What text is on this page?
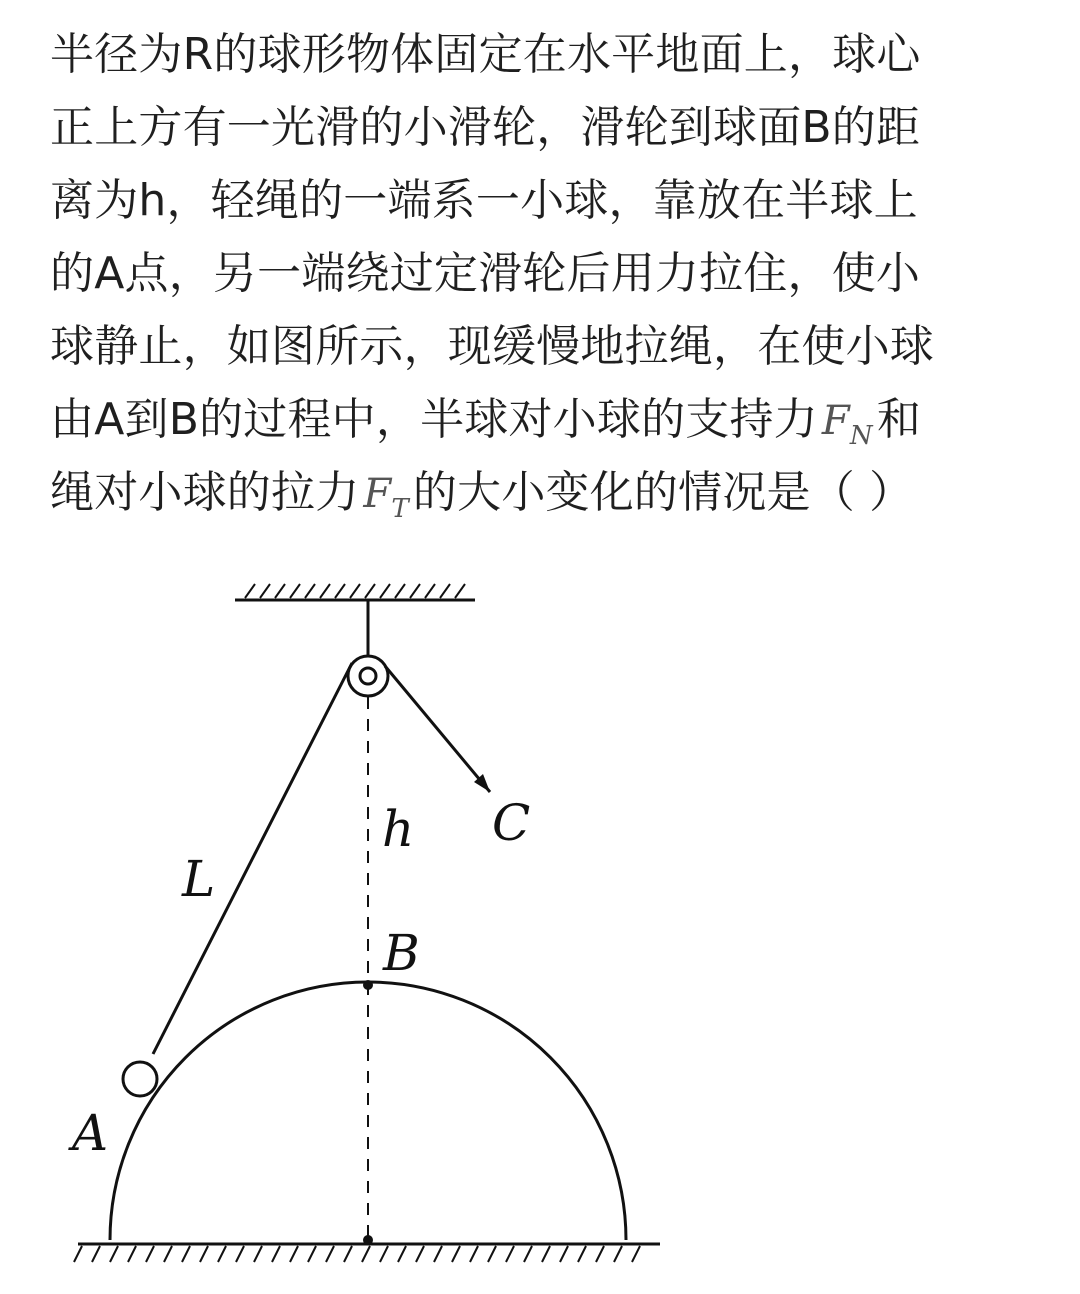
半径为R的球形物体固定在水平地面上，球心
正上方有一光滑的小滑轮，滑轮到球面B的距
离为h，轻绳的一端系一小球，靠放在半球上
的A点，另一端绕过定滑轮后用力拉住，使小
球静止，如图所示，现缓慢地拉绳，在使小球
由A到B的过程中，半球对小球的支持力 $F_N$和
绳对小球的拉力 $F_T$的大小变化的情况是（ ）
L
h C
B
A
